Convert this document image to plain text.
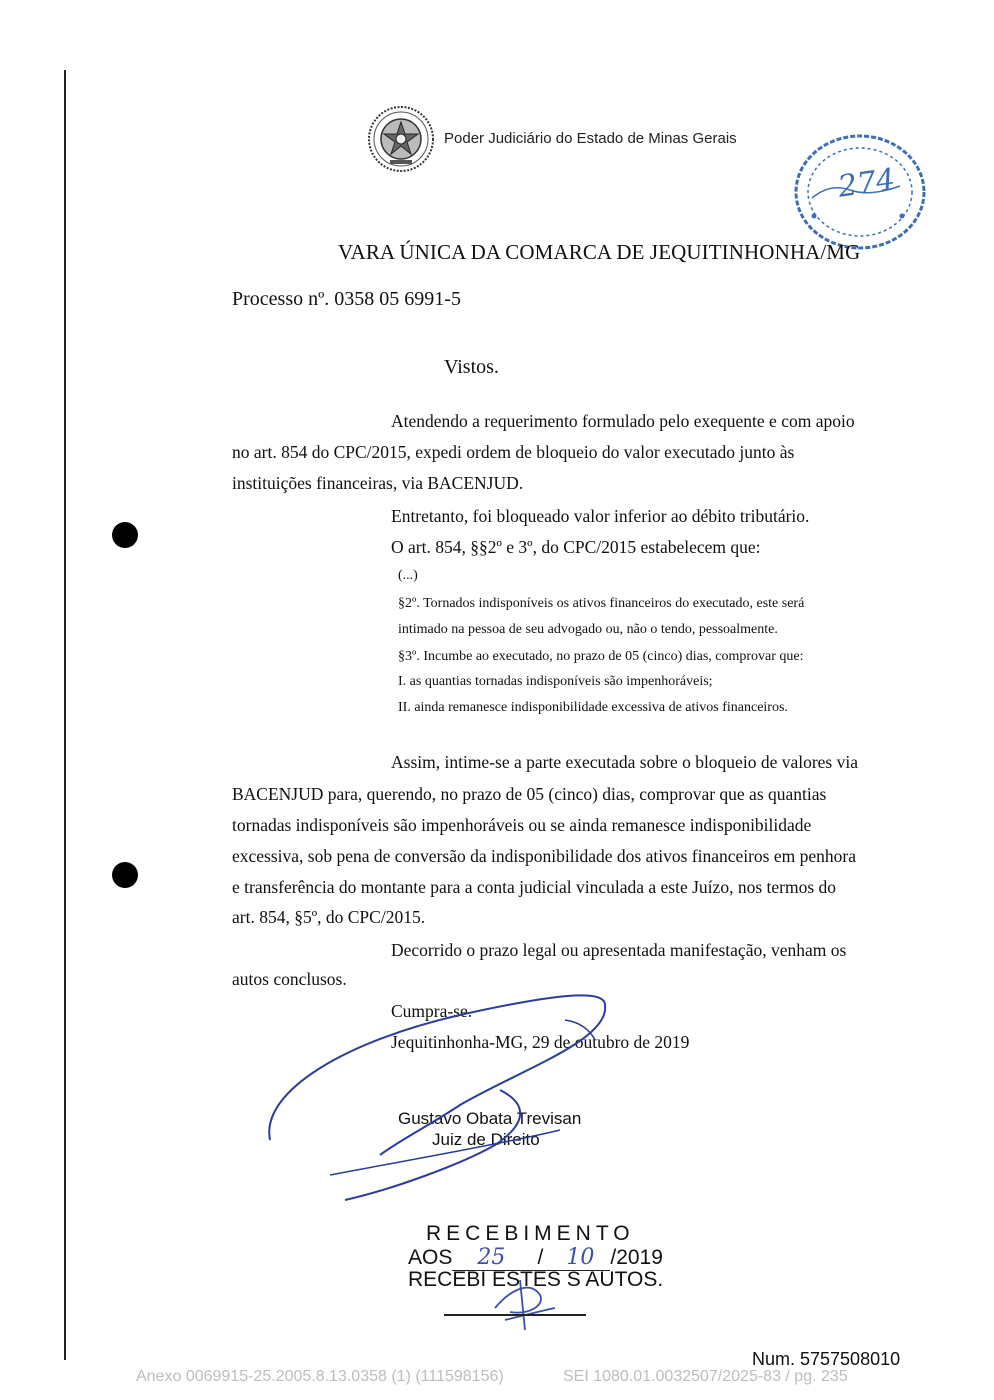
Poder Judiciário do Estado de Minas Gerais
274
VARA ÚNICA DA COMARCA DE JEQUITINHONHA/MG
Processo nº. 0358 05 6991-5
Vistos.
Atendendo a requerimento formulado pelo exequente e com apoio
no art. 854 do CPC/2015, expedi ordem de bloqueio do valor executado junto às
instituições financeiras, via BACENJUD.
Entretanto, foi bloqueado valor inferior ao débito tributário.
O art. 854, §§2º e 3º, do CPC/2015 estabelecem que:
(...)
§2º. Tornados indisponíveis os ativos financeiros do executado, este será
intimado na pessoa de seu advogado ou, não o tendo, pessoalmente.
§3º. Incumbe ao executado, no prazo de 05 (cinco) dias, comprovar que:
I. as quantias tornadas indisponíveis são impenhoráveis;
II. ainda remanesce indisponibilidade excessiva de ativos financeiros.
Assim, intime-se a parte executada sobre o bloqueio de valores via
BACENJUD para, querendo, no prazo de 05 (cinco) dias, comprovar que as quantias
tornadas indisponíveis são impenhoráveis ou se ainda remanesce indisponibilidade
excessiva, sob pena de conversão da indisponibilidade dos ativos financeiros em penhora
e transferência do montante para a conta judicial vinculada a este Juízo, nos termos do
art. 854, §5º, do CPC/2015.
Decorrido o prazo legal ou apresentada manifestação, venham os
autos conclusos.
Cumpra-se.
Jequitinhonha-MG, 29 de outubro de 2019
Gustavo Obata Trevisan
Juiz de Direito
RECEBIMENTO
AOS 25 / 10 /2019
RECEBI ESTES S AUTOS.
Num. 5757508010
Anexo 0069915-25.2005.8.13.0358 (1) (111598156)	SEI 1080.01.0032507/2025-83 / pg. 235
